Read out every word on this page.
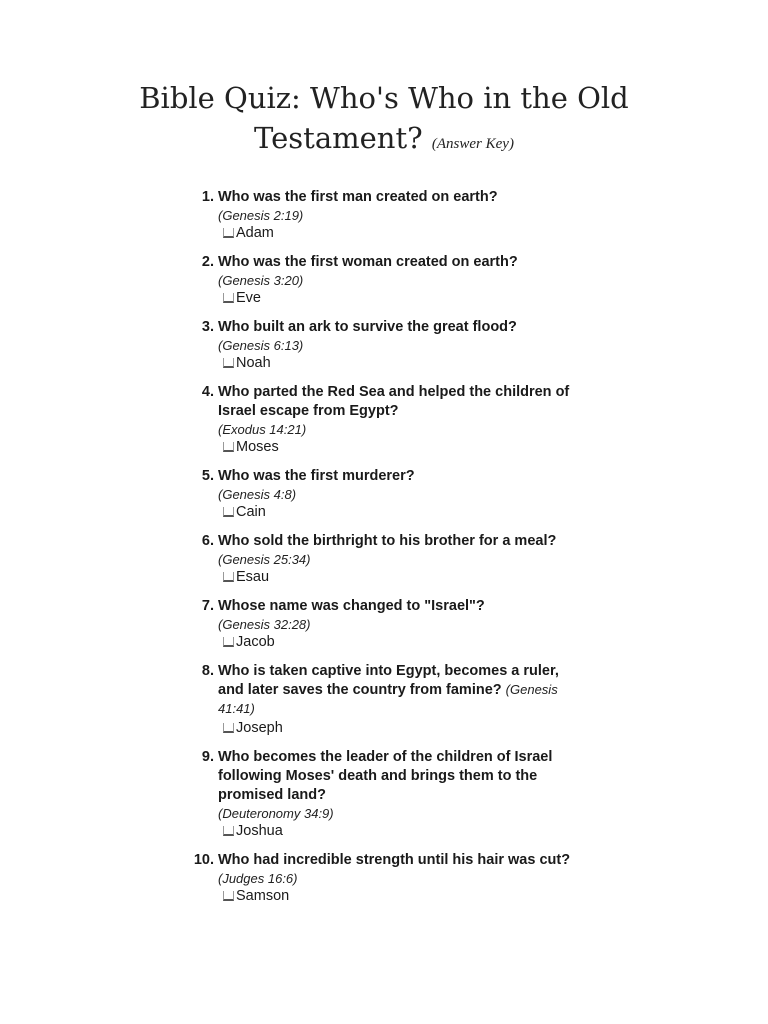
Bible Quiz: Who's Who in the Old Testament? (Answer Key)
1. Who was the first man created on earth?
(Genesis 2:19)
Adam
2. Who was the first woman created on earth?
(Genesis 3:20)
Eve
3. Who built an ark to survive the great flood?
(Genesis 6:13)
Noah
4. Who parted the Red Sea and helped the children of Israel escape from Egypt?
(Exodus 14:21)
Moses
5. Who was the first murderer?
(Genesis 4:8)
Cain
6. Who sold the birthright to his brother for a meal?
(Genesis 25:34)
Esau
7. Whose name was changed to "Israel"?
(Genesis 32:28)
Jacob
8. Who is taken captive into Egypt, becomes a ruler, and later saves the country from famine? (Genesis 41:41)
Joseph
9. Who becomes the leader of the children of Israel following Moses' death and brings them to the promised land?
(Deuteronomy 34:9)
Joshua
10. Who had incredible strength until his hair was cut?
(Judges 16:6)
Samson
